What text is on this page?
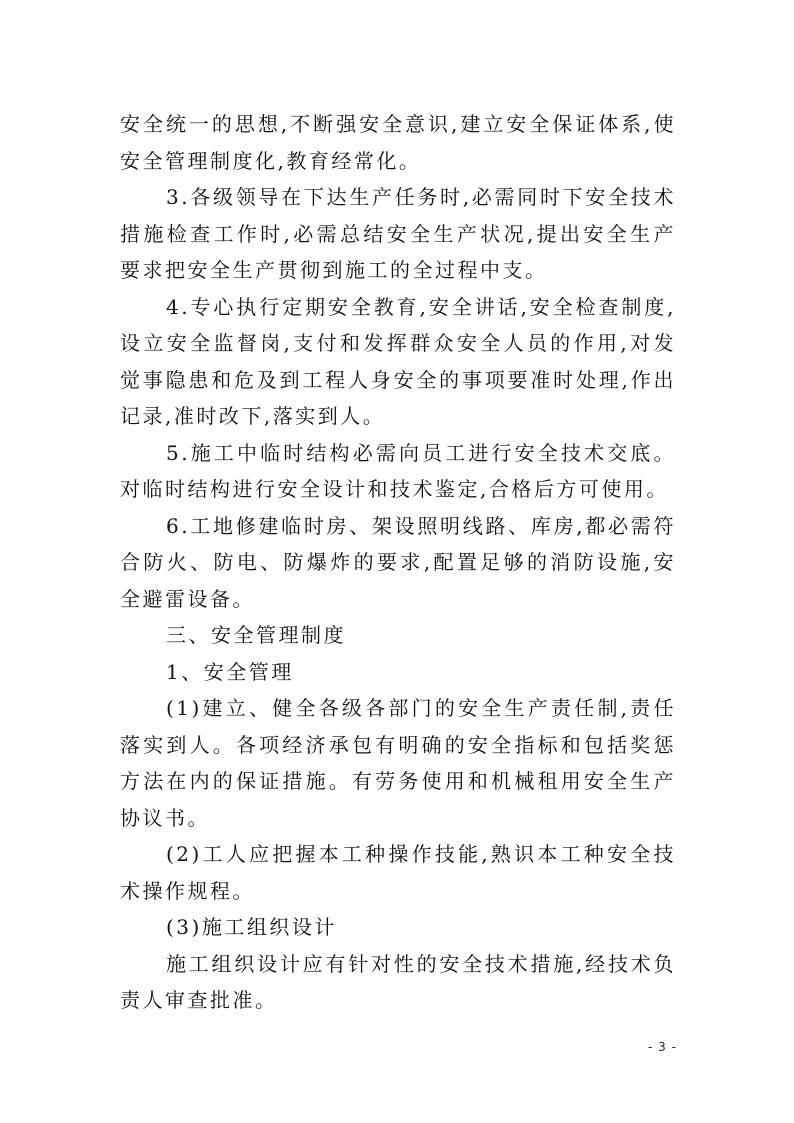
安全统一的思想,不断强安全意识,建立安全保证体系,使安全管理制度化,教育经常化。

3.各级领导在下达生产任务时,必需同时下安全技术措施检查工作时,必需总结安全生产状况,提出安全生产要求把安全生产贯彻到施工的全过程中支。

4.专心执行定期安全教育,安全讲话,安全检查制度,设立安全监督岗,支付和发挥群众安全人员的作用,对发觉事隐患和危及到工程人身安全的事项要准时处理,作出记录,准时改下,落实到人。

5.施工中临时结构必需向员工进行安全技术交底。对临时结构进行安全设计和技术鉴定,合格后方可使用。

6.工地修建临时房、架设照明线路、库房,都必需符合防火、防电、防爆炸的要求,配置足够的消防设施,安全避雷设备。

三、安全管理制度

1、安全管理

(1)建立、健全各级各部门的安全生产责任制,责任落实到人。各项经济承包有明确的安全指标和包括奖惩方法在内的保证措施。有劳务使用和机械租用安全生产协议书。

(2)工人应把握本工种操作技能,熟识本工种安全技术操作规程。

(3)施工组织设计

施工组织设计应有针对性的安全技术措施,经技术负责人审查批准。

- 3 -
